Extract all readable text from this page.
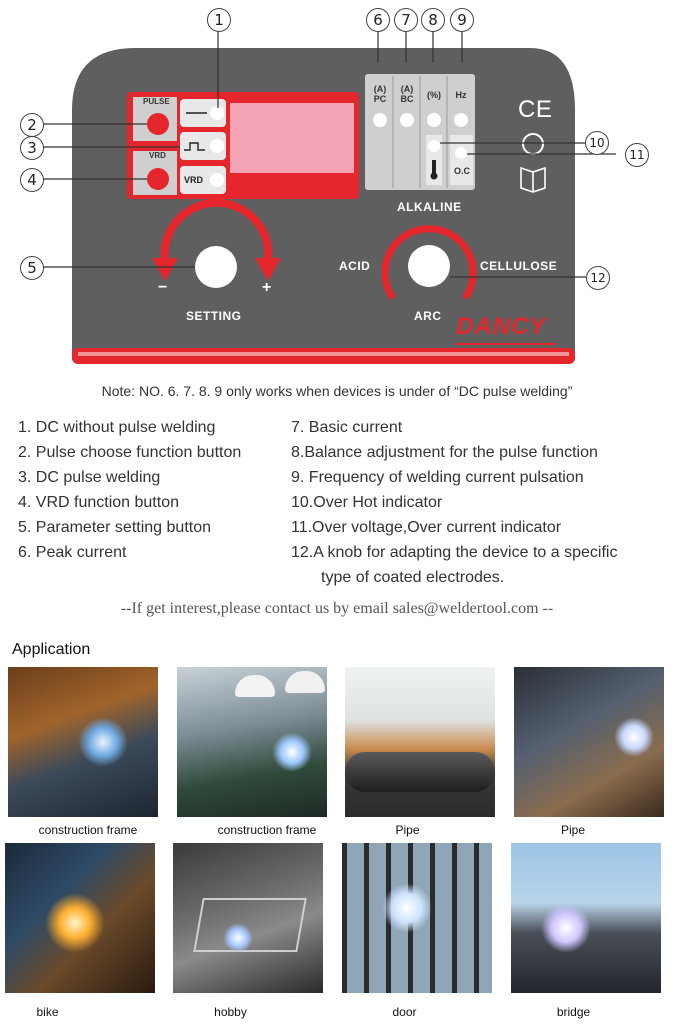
1
2
3
4
5
6	7	8	9
10
11
12
PULSE
VRD
VRD
(A)
PC
(A)
BC	(%)	Hz
O.C
ALKALINE
ACID	CELLULOSE
ARC
SETTING
−	+
CE
DANCY
Note: NO. 6. 7. 8. 9 only works when devices is under of “DC pulse welding”
1. DC without pulse welding
2. Pulse choose function button
3. DC pulse welding
4. VRD function button
5. Parameter setting button
6. Peak current
7. Basic current
8.Balance adjustment for the pulse function
9. Frequency of welding current pulsation
10.Over Hot indicator
11.Over voltage,Over current indicator
12.A knob for adapting the device to a specific
type of coated electrodes.
--If get interest,please contact us by email sales@weldertool.com --
Application
construction frame	construction frame	Pipe	Pipe
bike	hobby	door	bridge
